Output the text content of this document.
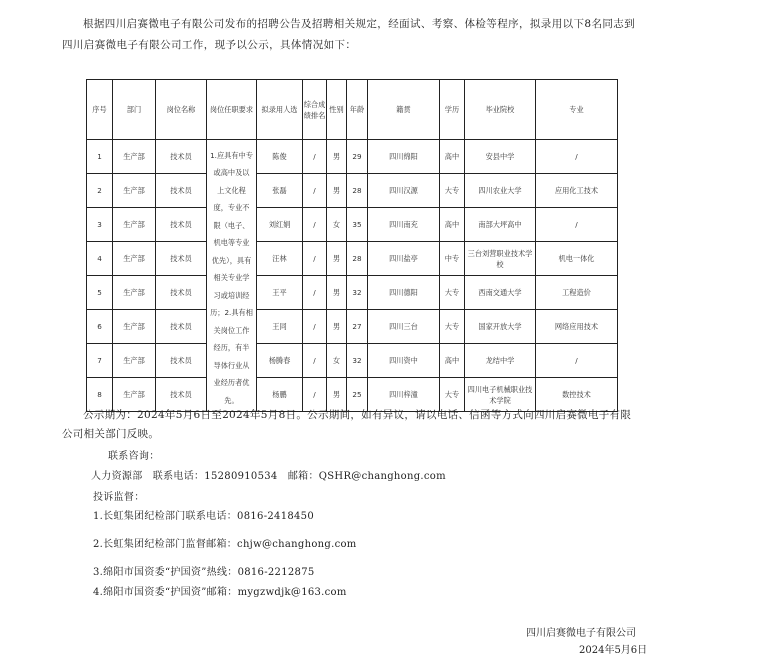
根据四川启赛微电子有限公司发布的招聘公告及招聘相关规定，经面试、考察、体检等程序，拟录用以下8名同志到四川启赛微电子有限公司工作，现予以公示，具体情况如下：
序号	部门	岗位名称	岗位任职要求	拟录用人选	综合成绩排名	性别	年龄	籍贯	学历	毕业院校	专业
1	生产部	技术员	1.应具有中专或高中及以上文化程度，专业不限（电子、机电等专业优先），具有相关专业学习或培训经历；2.具有相关岗位工作经历，有半导体行业从业经历者优先。	陈俊	/	男	29	四川绵阳	高中	安县中学	/
2	生产部	技术员		张磊	/	男	28	四川汉源	大专	四川农业大学	应用化工技术
3	生产部	技术员		刘红娟	/	女	35	四川南充	高中	南部大坪高中	/
4	生产部	技术员		汪林	/	男	28	四川盐亭	中专	三台刘营职业技术学校	机电一体化
5	生产部	技术员		王平	/	男	32	四川德阳	大专	西南交通大学	工程造价
6	生产部	技术员		王同	/	男	27	四川三台	大专	国家开放大学	网络应用技术
7	生产部	技术员		杨腾春	/	女	32	四川资中	高中	龙结中学	/
8	生产部	技术员		杨鹏	/	男	25	四川梓潼	大专	四川电子机械职业技术学院	数控技术
公示期为：2024年5月6日至2024年5月8日。公示期间，如有异议，请以电话、信函等方式向四川启赛微电子有限公司相关部门反映。
联系咨询：
人力资源部　联系电话：15280910534　邮箱：QSHR@changhong.com
投诉监督：
1.长虹集团纪检部门联系电话：0816-2418450
2.长虹集团纪检部门监督邮箱：chjw@changhong.com
3.绵阳市国资委“护国资”热线：0816-2212875
4.绵阳市国资委“护国资”邮箱：mygzwdjk@163.com
四川启赛微电子有限公司
2024年5月6日
